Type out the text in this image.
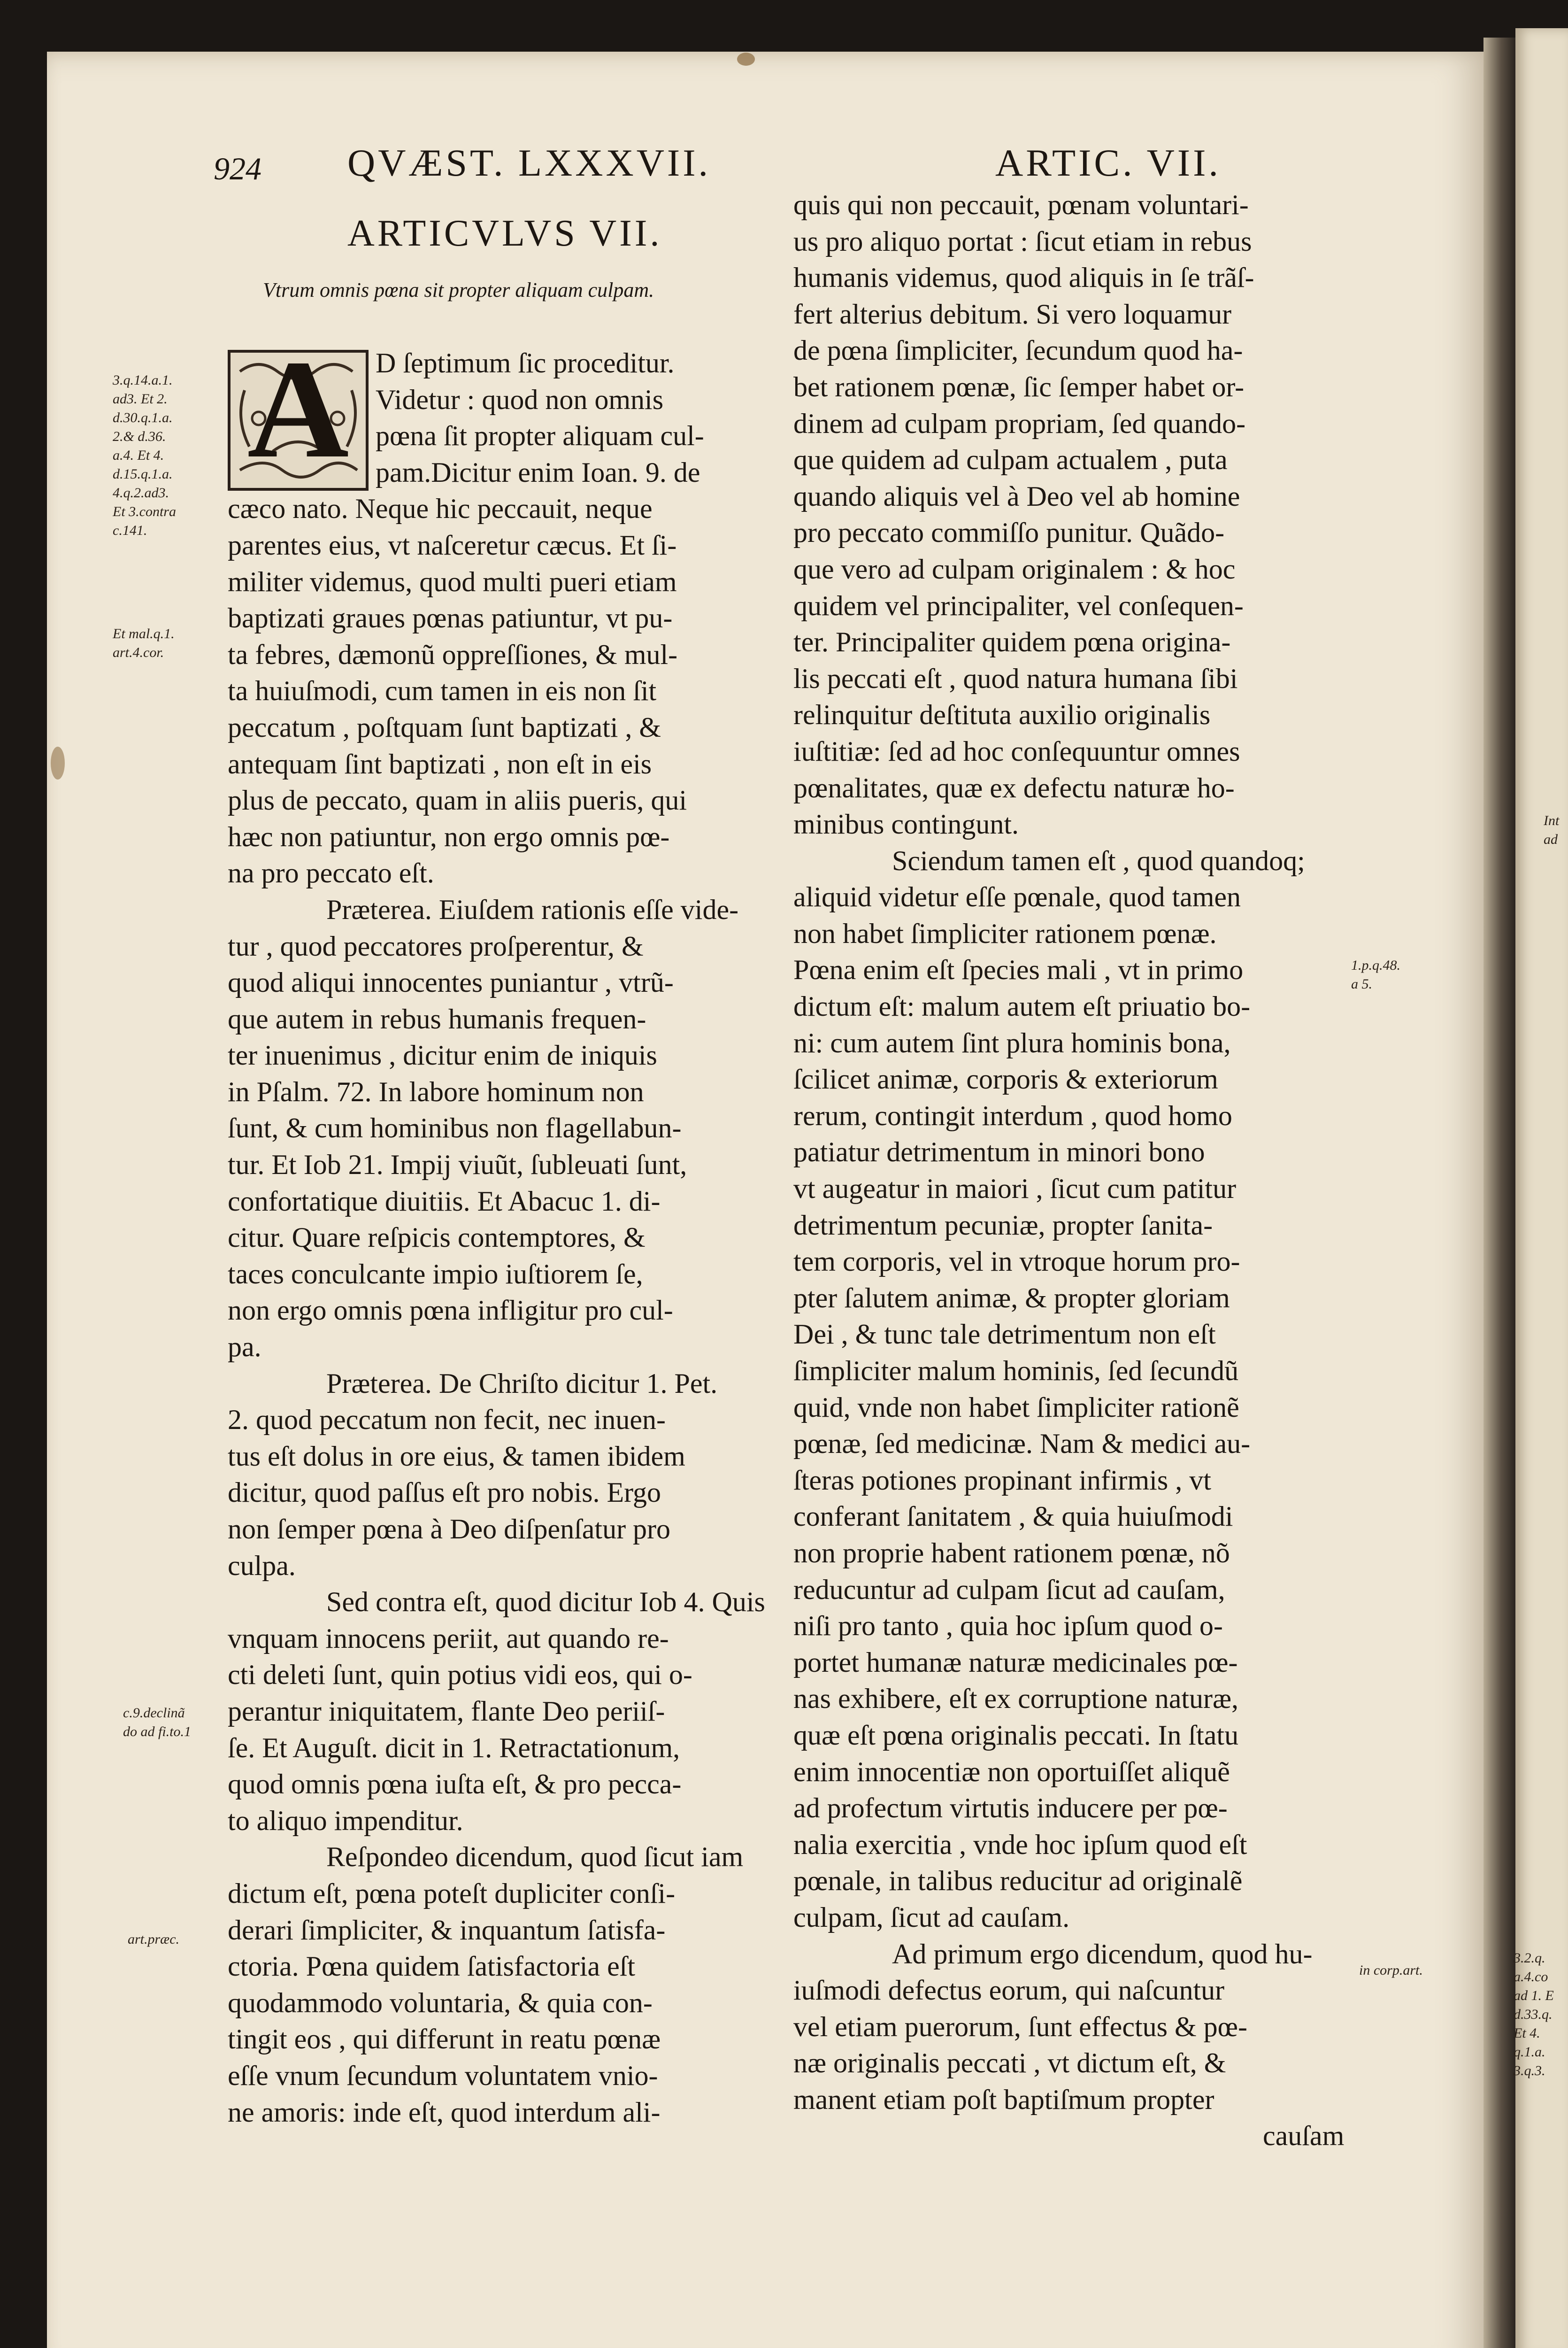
924 QVÆST. LXXXVII.	ARTIC. VII.
ARTICVLVS VII.
Vtrum omnis pœna sit propter aliquam culpam.
A D ſeptimum ſic proceditur.
Videtur : quod non omnis
pœna ſit propter aliquam cul-
pam.Dicitur enim Ioan. 9. de
cæco nato. Neque hic peccauit, neque
parentes eius, vt naſceretur cæcus. Et ſi-
militer videmus, quod multi pueri etiam
baptizati graues pœnas patiuntur, vt pu-
ta febres, dæmonũ oppreſſiones, & mul-
ta huiuſmodi, cum tamen in eis non ſit
peccatum , poſtquam ſunt baptizati , &
antequam ſint baptizati , non eſt in eis
plus de peccato, quam in aliis pueris, qui
hæc non patiuntur, non ergo omnis pœ-
na pro peccato eſt.
Præterea. Eiuſdem rationis eſſe vide-
tur , quod peccatores proſperentur, &
quod aliqui innocentes puniantur , vtrũ-
que autem in rebus humanis frequen-
ter inuenimus , dicitur enim de iniquis
in Pſalm. 72. In labore hominum non
ſunt, & cum hominibus non flagellabun-
tur. Et Iob 21. Impij viuũt, ſubleuati ſunt,
confortatique diuitiis. Et Abacuc 1. di-
citur. Quare reſpicis contemptores, &
taces conculcante impio iuſtiorem ſe,
non ergo omnis pœna infligitur pro cul-
pa.
Præterea. De Chriſto dicitur 1. Pet.
2. quod peccatum non fecit, nec inuen-
tus eſt dolus in ore eius, & tamen ibidem
dicitur, quod paſſus eſt pro nobis. Ergo
non ſemper pœna à Deo diſpenſatur pro
culpa.
Sed contra eſt, quod dicitur Iob 4. Quis
vnquam innocens periit, aut quando re-
cti deleti ſunt, quin potius vidi eos, qui o-
perantur iniquitatem, flante Deo periiſ-
ſe. Et Auguſt. dicit in 1. Retractationum,
quod omnis pœna iuſta eſt, & pro pecca-
to aliquo impenditur.
Reſpondeo dicendum, quod ſicut iam
dictum eſt, pœna poteſt dupliciter conſi-
derari ſimpliciter, & inquantum ſatisfa-
ctoria. Pœna quidem ſatisfactoria eſt
quodammodo voluntaria, & quia con-
tingit eos , qui differunt in reatu pœnæ
eſſe vnum ſecundum voluntatem vnio-
ne amoris: inde eſt, quod interdum ali-
quis qui non peccauit, pœnam voluntari-
us pro aliquo portat : ſicut etiam in rebus
humanis videmus, quod aliquis in ſe trãſ-
fert alterius debitum. Si vero loquamur
de pœna ſimpliciter, ſecundum quod ha-
bet rationem pœnæ, ſic ſemper habet or-
dinem ad culpam propriam, ſed quando-
que quidem ad culpam actualem , puta
quando aliquis vel à Deo vel ab homine
pro peccato commiſſo punitur. Quãdo-
que vero ad culpam originalem : & hoc
quidem vel principaliter, vel conſequen-
ter. Principaliter quidem pœna origina-
lis peccati eſt , quod natura humana ſibi
relinquitur deſtituta auxilio originalis
iuſtitiæ: ſed ad hoc conſequuntur omnes
pœnalitates, quæ ex defectu naturæ ho-
minibus contingunt.
Sciendum tamen eſt , quod quandoq;
aliquid videtur eſſe pœnale, quod tamen
non habet ſimpliciter rationem pœnæ.
Pœna enim eſt ſpecies mali , vt in primo
dictum eſt: malum autem eſt priuatio bo-
ni: cum autem ſint plura hominis bona,
ſcilicet animæ, corporis & exteriorum
rerum, contingit interdum , quod homo
patiatur detrimentum in minori bono
vt augeatur in maiori , ſicut cum patitur
detrimentum pecuniæ, propter ſanita-
tem corporis, vel in vtroque horum pro-
pter ſalutem animæ, & propter gloriam
Dei , & tunc tale detrimentum non eſt
ſimpliciter malum hominis, ſed ſecundũ
quid, vnde non habet ſimpliciter rationẽ
pœnæ, ſed medicinæ. Nam & medici au-
ſteras potiones propinant infirmis , vt
conferant ſanitatem , & quia huiuſmodi
non proprie habent rationem pœnæ, nõ
reducuntur ad culpam ſicut ad cauſam,
niſi pro tanto , quia hoc ipſum quod o-
portet humanæ naturæ medicinales pœ-
nas exhibere, eſt ex corruptione naturæ,
quæ eſt pœna originalis peccati. In ſtatu
enim innocentiæ non oportuiſſet aliquẽ
ad profectum virtutis inducere per pœ-
nalia exercitia , vnde hoc ipſum quod eſt
pœnale, in talibus reducitur ad originalẽ
culpam, ſicut ad cauſam.
Ad primum ergo dicendum, quod hu-
iuſmodi defectus eorum, qui naſcuntur
vel etiam puerorum, ſunt effectus & pœ-
næ originalis peccati , vt dictum eſt, &
manent etiam poſt baptiſmum propter
cauſam
3.q.14.a.1.
ad3. Et 2.
d.30.q.1.a.
2.& d.36.
a.4. Et 4.
d.15.q.1.a.
4.q.2.ad3.
Et 3.contra
c.141.
Et mal.q.1.
art.4.cor.
c.9.declinã
do ad fi.to.1
art.præc.
1.p.q.48.
a 5.
in corp.art.
Int
ad
3.2.q.
a.4.co
ad 1. E
d.33.q.
Et 4.
q.1.a.
3.q.3.
